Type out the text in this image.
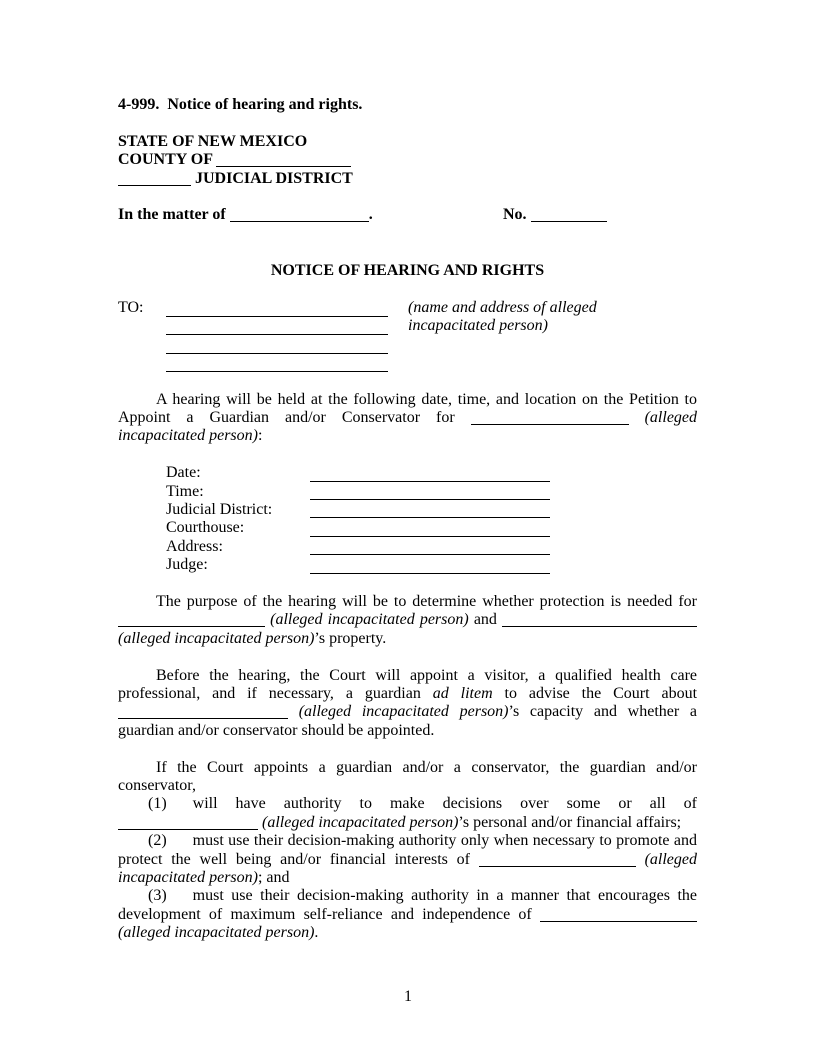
4-999.  Notice of hearing and rights.
STATE OF NEW MEXICO
COUNTY OF
JUDICIAL DISTRICT
In the matter of	.	No.
NOTICE OF HEARING AND RIGHTS
TO:	(name and address of alleged incapacitated person)

A hearing will be held at the following date, time, and location on the Petition to Appoint a Guardian and/or Conservator for	(alleged incapacitated person):

Date:
Time:
Judicial District:
Courthouse:
Address:
Judge:

The purpose of the hearing will be to determine whether protection is needed for  (alleged incapacitated person) and  (alleged incapacitated person)’s property.

Before the hearing, the Court will appoint a visitor, a qualified health care professional, and if necessary, a guardian ad litem to advise the Court about  (alleged incapacitated person)’s capacity and whether a guardian and/or conservator should be appointed.

If the Court appoints a guardian and/or a conservator, the guardian and/or conservator,

(1) will have authority to make decisions over some or all of  (alleged incapacitated person)’s personal and/or financial affairs;

(2) must use their decision-making authority only when necessary to promote and protect the well being and/or financial interests of	(alleged incapacitated person); and

(3) must use their decision-making authority in a manner that encourages the development of maximum self-reliance and independence of  (alleged incapacitated person).

1
